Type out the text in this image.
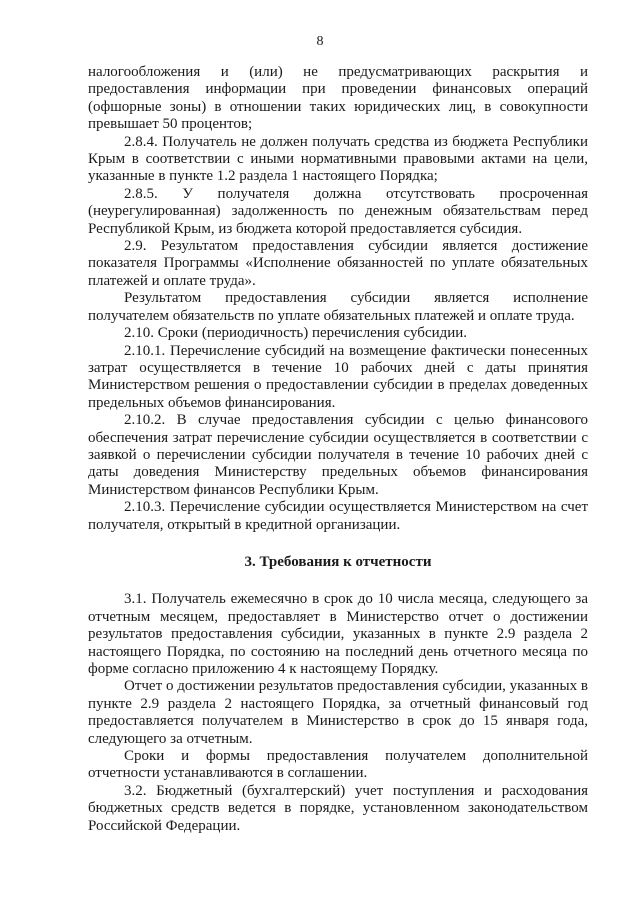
8

налогообложения и (или) не предусматривающих раскрытия и предоставления информации при проведении финансовых операций (офшорные зоны) в отношении таких юридических лиц, в совокупности превышает 50 процентов;

2.8.4. Получатель не должен получать средства из бюджета Республики Крым в соответствии с иными нормативными правовыми актами на цели, указанные в пункте 1.2 раздела 1 настоящего Порядка;

2.8.5. У получателя должна отсутствовать просроченная (неурегулированная) задолженность по денежным обязательствам перед Республикой Крым, из бюджета которой предоставляется субсидия.

2.9. Результатом предоставления субсидии является достижение показателя Программы «Исполнение обязанностей по уплате обязательных платежей и оплате труда».

Результатом предоставления субсидии является исполнение получателем обязательств по уплате обязательных платежей и оплате труда.

2.10. Сроки (периодичность) перечисления субсидии.

2.10.1. Перечисление субсидий на возмещение фактически понесенных затрат осуществляется в течение 10 рабочих дней с даты принятия Министерством решения о предоставлении субсидии в пределах доведенных предельных объемов финансирования.

2.10.2. В случае предоставления субсидии с целью финансового обеспечения затрат перечисление субсидии осуществляется в соответствии с заявкой о перечислении субсидии получателя в течение 10 рабочих дней с даты доведения Министерству предельных объемов финансирования Министерством финансов Республики Крым.

2.10.3. Перечисление субсидии осуществляется Министерством на счет получателя, открытый в кредитной организации.

3. Требования к отчетности

3.1. Получатель ежемесячно в срок до 10 числа месяца, следующего за отчетным месяцем, предоставляет в Министерство отчет о достижении результатов предоставления субсидии, указанных в пункте 2.9 раздела 2 настоящего Порядка, по состоянию на последний день отчетного месяца по форме согласно приложению 4 к настоящему Порядку.

Отчет о достижении результатов предоставления субсидии, указанных в пункте 2.9 раздела 2 настоящего Порядка, за отчетный финансовый год предоставляется получателем в Министерство в срок до 15 января года, следующего за отчетным.

Сроки и формы предоставления получателем дополнительной отчетности устанавливаются в соглашении.

3.2. Бюджетный (бухгалтерский) учет поступления и расходования бюджетных средств ведется в порядке, установленном законодательством Российской Федерации.
